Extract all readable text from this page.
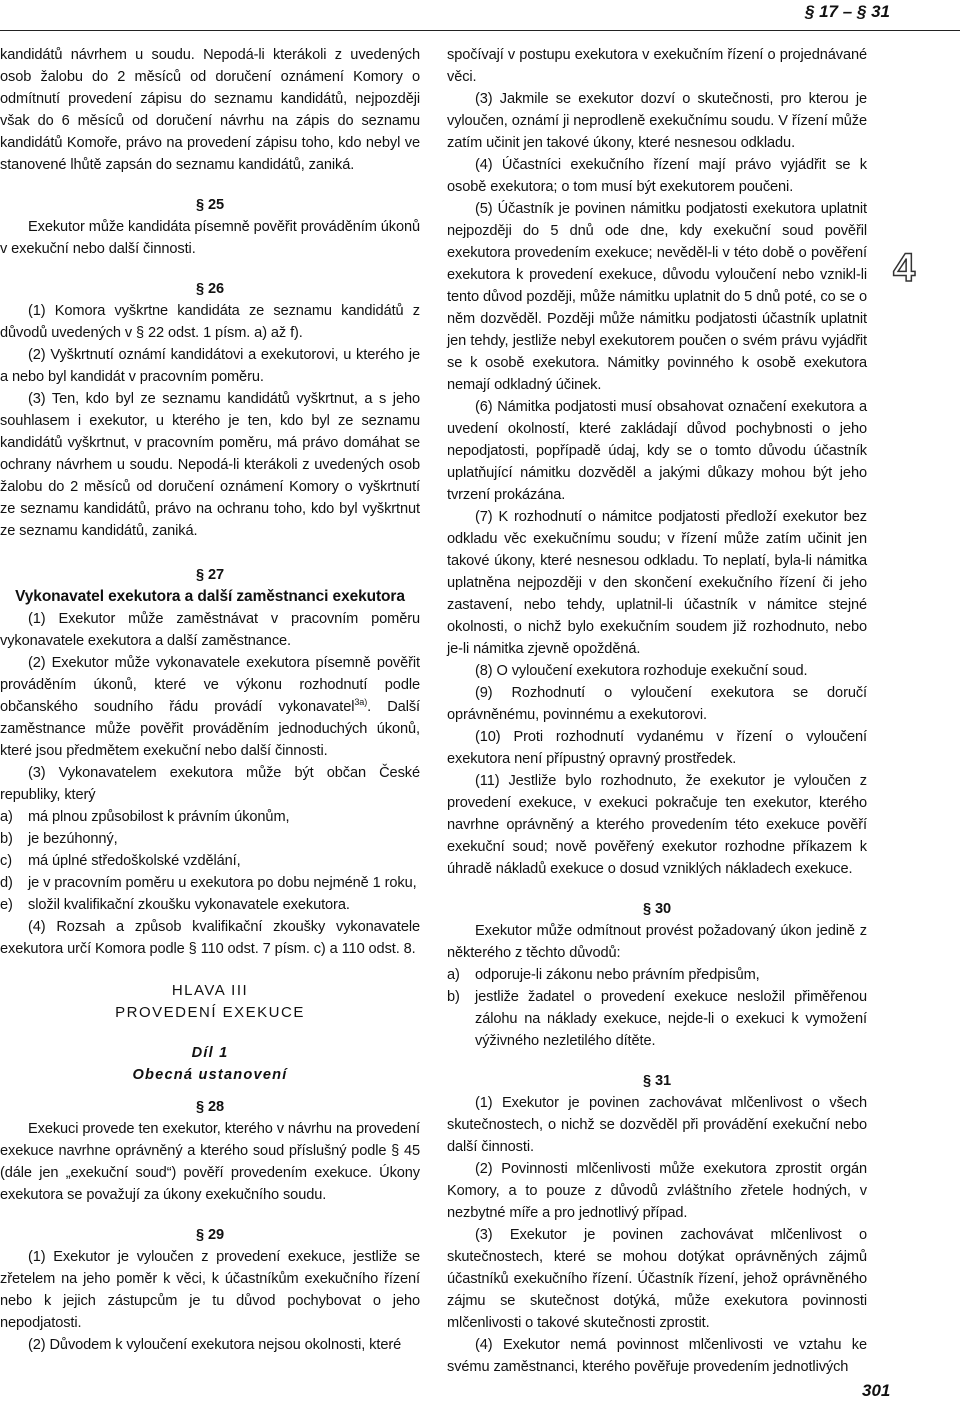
§ 17 – § 31

kandidátů návrhem u soudu. Nepodá-li kterákoli z uvedených osob žalobu do 2 měsíců od doručení oznámení Komory o odmítnutí provedení zápisu do seznamu kandidátů, nejpozději však do 6 měsíců od doručení návrhu na zápis do seznamu kandidátů Komoře, právo na provedení zápisu toho, kdo nebyl ve stanovené lhůtě zapsán do seznamu kandidátů, zaniká.

§ 25

Exekutor může kandidáta písemně pověřit prováděním úkonů v exekuční nebo další činnosti.

§ 26

(1) Komora vyškrtne kandidáta ze seznamu kandidátů z důvodů uvedených v § 22 odst. 1 písm. a) až f).

(2) Vyškrtnutí oznámí kandidátovi a exekutorovi, u kterého je a nebo byl kandidát v pracovním poměru.

(3) Ten, kdo byl ze seznamu kandidátů vyškrtnut, a s jeho souhlasem i exekutor, u kterého je ten, kdo byl ze seznamu kandidátů vyškrtnut, v pracovním poměru, má právo domáhat se ochrany návrhem u soudu. Nepodá-li kterákoli z uvedených osob žalobu do 2 měsíců od doručení oznámení Komory o vyškrtnutí ze seznamu kandidátů, právo na ochranu toho, kdo byl vyškrtnut ze seznamu kandidátů, zaniká.

§ 27

Vykonavatel exekutora a další zaměstnanci exekutora

(1) Exekutor může zaměstnávat v pracovním poměru vykonavatele exekutora a další zaměstnance.

(2) Exekutor může vykonavatele exekutora písemně pověřit prováděním úkonů, které ve výkonu rozhodnutí podle občanského soudního řádu provádí vykonavatel$^{3a)}$. Další zaměstnance může pověřit prováděním jednoduchých úkonů, které jsou předmětem exekuční nebo další činnosti.

(3) Vykonavatelem exekutora může být občan České republiky, který

a)	má plnou způsobilost k právním úkonům,
b)	je bezúhonný,
c)	má úplné středoškolské vzdělání,
d)	je v pracovním poměru u exekutora po dobu nejméně 1 roku,
e)	složil kvalifikační zkoušku vykonavatele exekutora.

(4) Rozsah a způsob kvalifikační zkoušky vykonavatele exekutora určí Komora podle § 110 odst. 7 písm. c) a 110 odst. 8.

HLAVA III

PROVEDENÍ EXEKUCE

Díl 1

Obecná ustanovení

§ 28

Exekuci provede ten exekutor, kterého v návrhu na provedení exekuce navrhne oprávněný a kterého soud příslušný podle § 45 (dále jen „exekuční soud“) pověří provedením exekuce. Úkony exekutora se považují za úkony exekučního soudu.

§ 29

(1) Exekutor je vyloučen z provedení exekuce, jestliže se zřetelem na jeho poměr k věci, k účastníkům exekučního řízení nebo k jejich zástupcům je tu důvod pochybovat o jeho nepodjatosti.

(2) Důvodem k vyloučení exekutora nejsou okolnosti, které

spočívají v postupu exekutora v exekučním řízení o projednávané věci.

(3) Jakmile se exekutor dozví o skutečnosti, pro kterou je vyloučen, oznámí ji neprodleně exekučnímu soudu. V řízení může zatím učinit jen takové úkony, které nesnesou odkladu.

(4) Účastníci exekučního řízení mají právo vyjádřit se k osobě exekutora; o tom musí být exekutorem poučeni.

(5) Účastník je povinen námitku podjatosti exekutora uplatnit nejpozději do 5 dnů ode dne, kdy exekuční soud pověřil exekutora provedením exekuce; nevěděl-li v této době o pověření exekutora k provedení exekuce, důvodu vyloučení nebo vznikl-li tento důvod později, může námitku uplatnit do 5 dnů poté, co se o něm dozvěděl. Později může námitku podjatosti účastník uplatnit jen tehdy, jestliže nebyl exekutorem poučen o svém právu vyjádřit se k osobě exekutora. Námitky povinného k osobě exekutora nemají odkladný účinek.

(6) Námitka podjatosti musí obsahovat označení exekutora a uvedení okolností, které zakládají důvod pochybnosti o jeho nepodjatosti, popřípadě údaj, kdy se o tomto důvodu účastník uplatňující námitku dozvěděl a jakými důkazy mohou být jeho tvrzení prokázána.

(7) K rozhodnutí o námitce podjatosti předloží exekutor bez odkladu věc exekučnímu soudu; v řízení může zatím učinit jen takové úkony, které nesnesou odkladu. To neplatí, byla-li námitka uplatněna nejpozději v den skončení exekučního řízení či jeho zastavení, nebo tehdy, uplatnil-li účastník v námitce stejné okolnosti, o nichž bylo exekučním soudem již rozhodnuto, nebo je-li námitka zjevně opožděná.

(8) O vyloučení exekutora rozhoduje exekuční soud.

(9) Rozhodnutí o vyloučení exekutora se doručí oprávněnému, povinnému a exekutorovi.

(10) Proti rozhodnutí vydanému v řízení o vyloučení exekutora není přípustný opravný prostředek.

(11) Jestliže bylo rozhodnuto, že exekutor je vyloučen z provedení exekuce, v exekuci pokračuje ten exekutor, kterého navrhne oprávněný a kterého provedením této exekuce pověří exekuční soud; nově pověřený exekutor rozhodne příkazem k úhradě nákladů exekuce o dosud vzniklých nákladech exekuce.

§ 30

Exekutor může odmítnout provést požadovaný úkon jedině z některého z těchto důvodů:

a)	odporuje-li zákonu nebo právním předpisům,
b)	jestliže žadatel o provedení exekuce nesložil přiměřenou zálohu na náklady exekuce, nejde-li o exekuci k vymožení výživného nezletilého dítěte.

§ 31

(1) Exekutor je povinen zachovávat mlčenlivost o všech skutečnostech, o nichž se dozvěděl při provádění exekuční nebo další činnosti.

(2) Povinnosti mlčenlivosti může exekutora zprostit orgán Komory, a to pouze z důvodů zvláštního zřetele hodných, v nezbytné míře a pro jednotlivý případ.

(3) Exekutor je povinen zachovávat mlčenlivost o skutečnostech, které se mohou dotýkat oprávněných zájmů účastníků exekučního řízení. Účastník řízení, jehož oprávněného zájmu se skutečnost dotýká, může exekutora povinnosti mlčenlivosti o takové skutečnosti zprostit.

(4) Exekutor nemá povinnost mlčenlivosti ve vztahu ke svému zaměstnanci, kterého pověřuje provedením jednotlivých

4
301
